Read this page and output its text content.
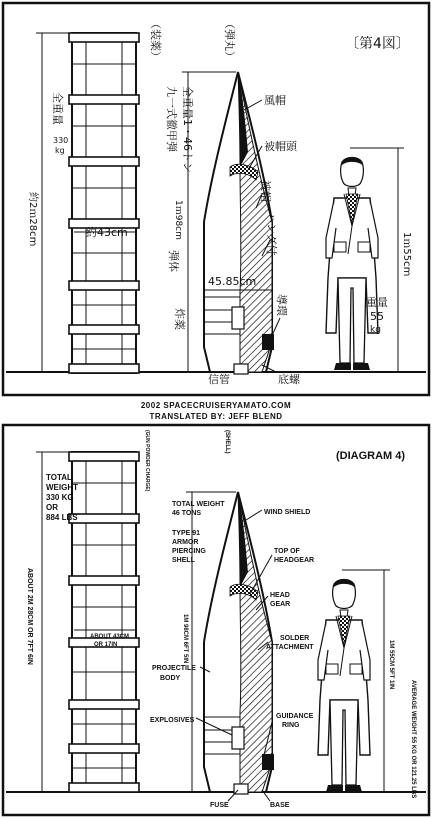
〔第4図〕
（装薬）	（弾丸）
全重量
330
kg
約2ｍ28cm	約43cm
九一式徹甲弾 全重量1・46トン
1ｍ98cm
弾体
45.85cm
炸薬
信管
風帽
被帽頭
被帽
ハンダ付
導環
底螺
1ｍ55cm
重量
55
kg
(DIAGRAM 4)
(GUN POWDER CHARGE)	(SHELL)
TOTAL
WEIGHT
330 KG
OR
884 LBS
ABOUT 2M 28CM OR 7FT 6IN	ABOUT 43CM
OR 17IN
TOTAL WEIGHT
46 TONS
TYPE 91
ARMOR
PIERCING
SHELL
1M 98CM 6FT 5IN
PROJECTILE
BODY
EXPLOSIVES
FUSE
WIND SHIELD
TOP OF
HEADGEAR
HEAD
GEAR
SOLDER
ATTACHMENT
GUIDANCE
RING
BASE
1M 55CM 5FT 1IN
AVERAGE WEIGHT 55 KG OR 121.25 LBS
2002 SPACECRUISERYAMATO.COM
TRANSLATED BY: JEFF BLEND
